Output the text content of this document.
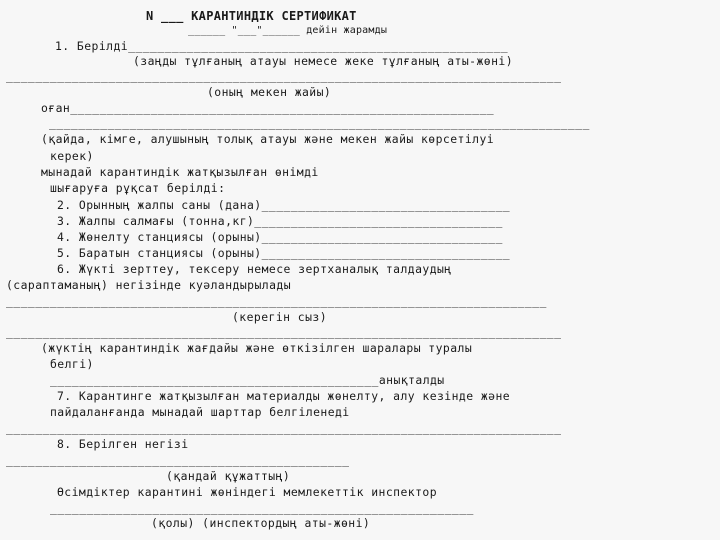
N ___ КАРАНТИНДІК СЕРТИФИКАТ
______ "___"______ дейін жарамды
1. Берілді____________________________________________________
(заңды тұлғаның атауы немесе жеке тұлғаның аты-жөні)
____________________________________________________________________________
(оның мекен жайы)
оған__________________________________________________________
__________________________________________________________________________
(қайда, кімге, алушының толық атауы және мекен жайы көрсетілуі
керек)
мынадай карантиндік жатқызылған өнімді
шығаруға рұқсат берілді:
2. Орынның жалпы саны (дана)__________________________________
3. Жалпы салмағы (тонна,кг)__________________________________
4. Жөнелту станциясы (орыны)_________________________________
5. Баратын станциясы (орыны)__________________________________
6. Жүкті зерттеу, тексеру немесе зертханалық талдаудың
(сараптаманың) негізінде куәландырылады
__________________________________________________________________________
(керегін сыз)
____________________________________________________________________________
(жүктің карантиндік жағдайы және өткізілген шаралары туралы
белгі)
_____________________________________________анықталды
7. Карантинге жатқызылған материалды жөнелту, алу кезінде және
пайдаланғанда мынадай шарттар белгіленеді
____________________________________________________________________________
8. Берілген негізі
_______________________________________________
(қандай құжаттың)
Өсімдіктер карантині жөніндегі мемлекеттік инспектор
__________________________________________________________
(қолы) (инспектордың аты-жөні)
